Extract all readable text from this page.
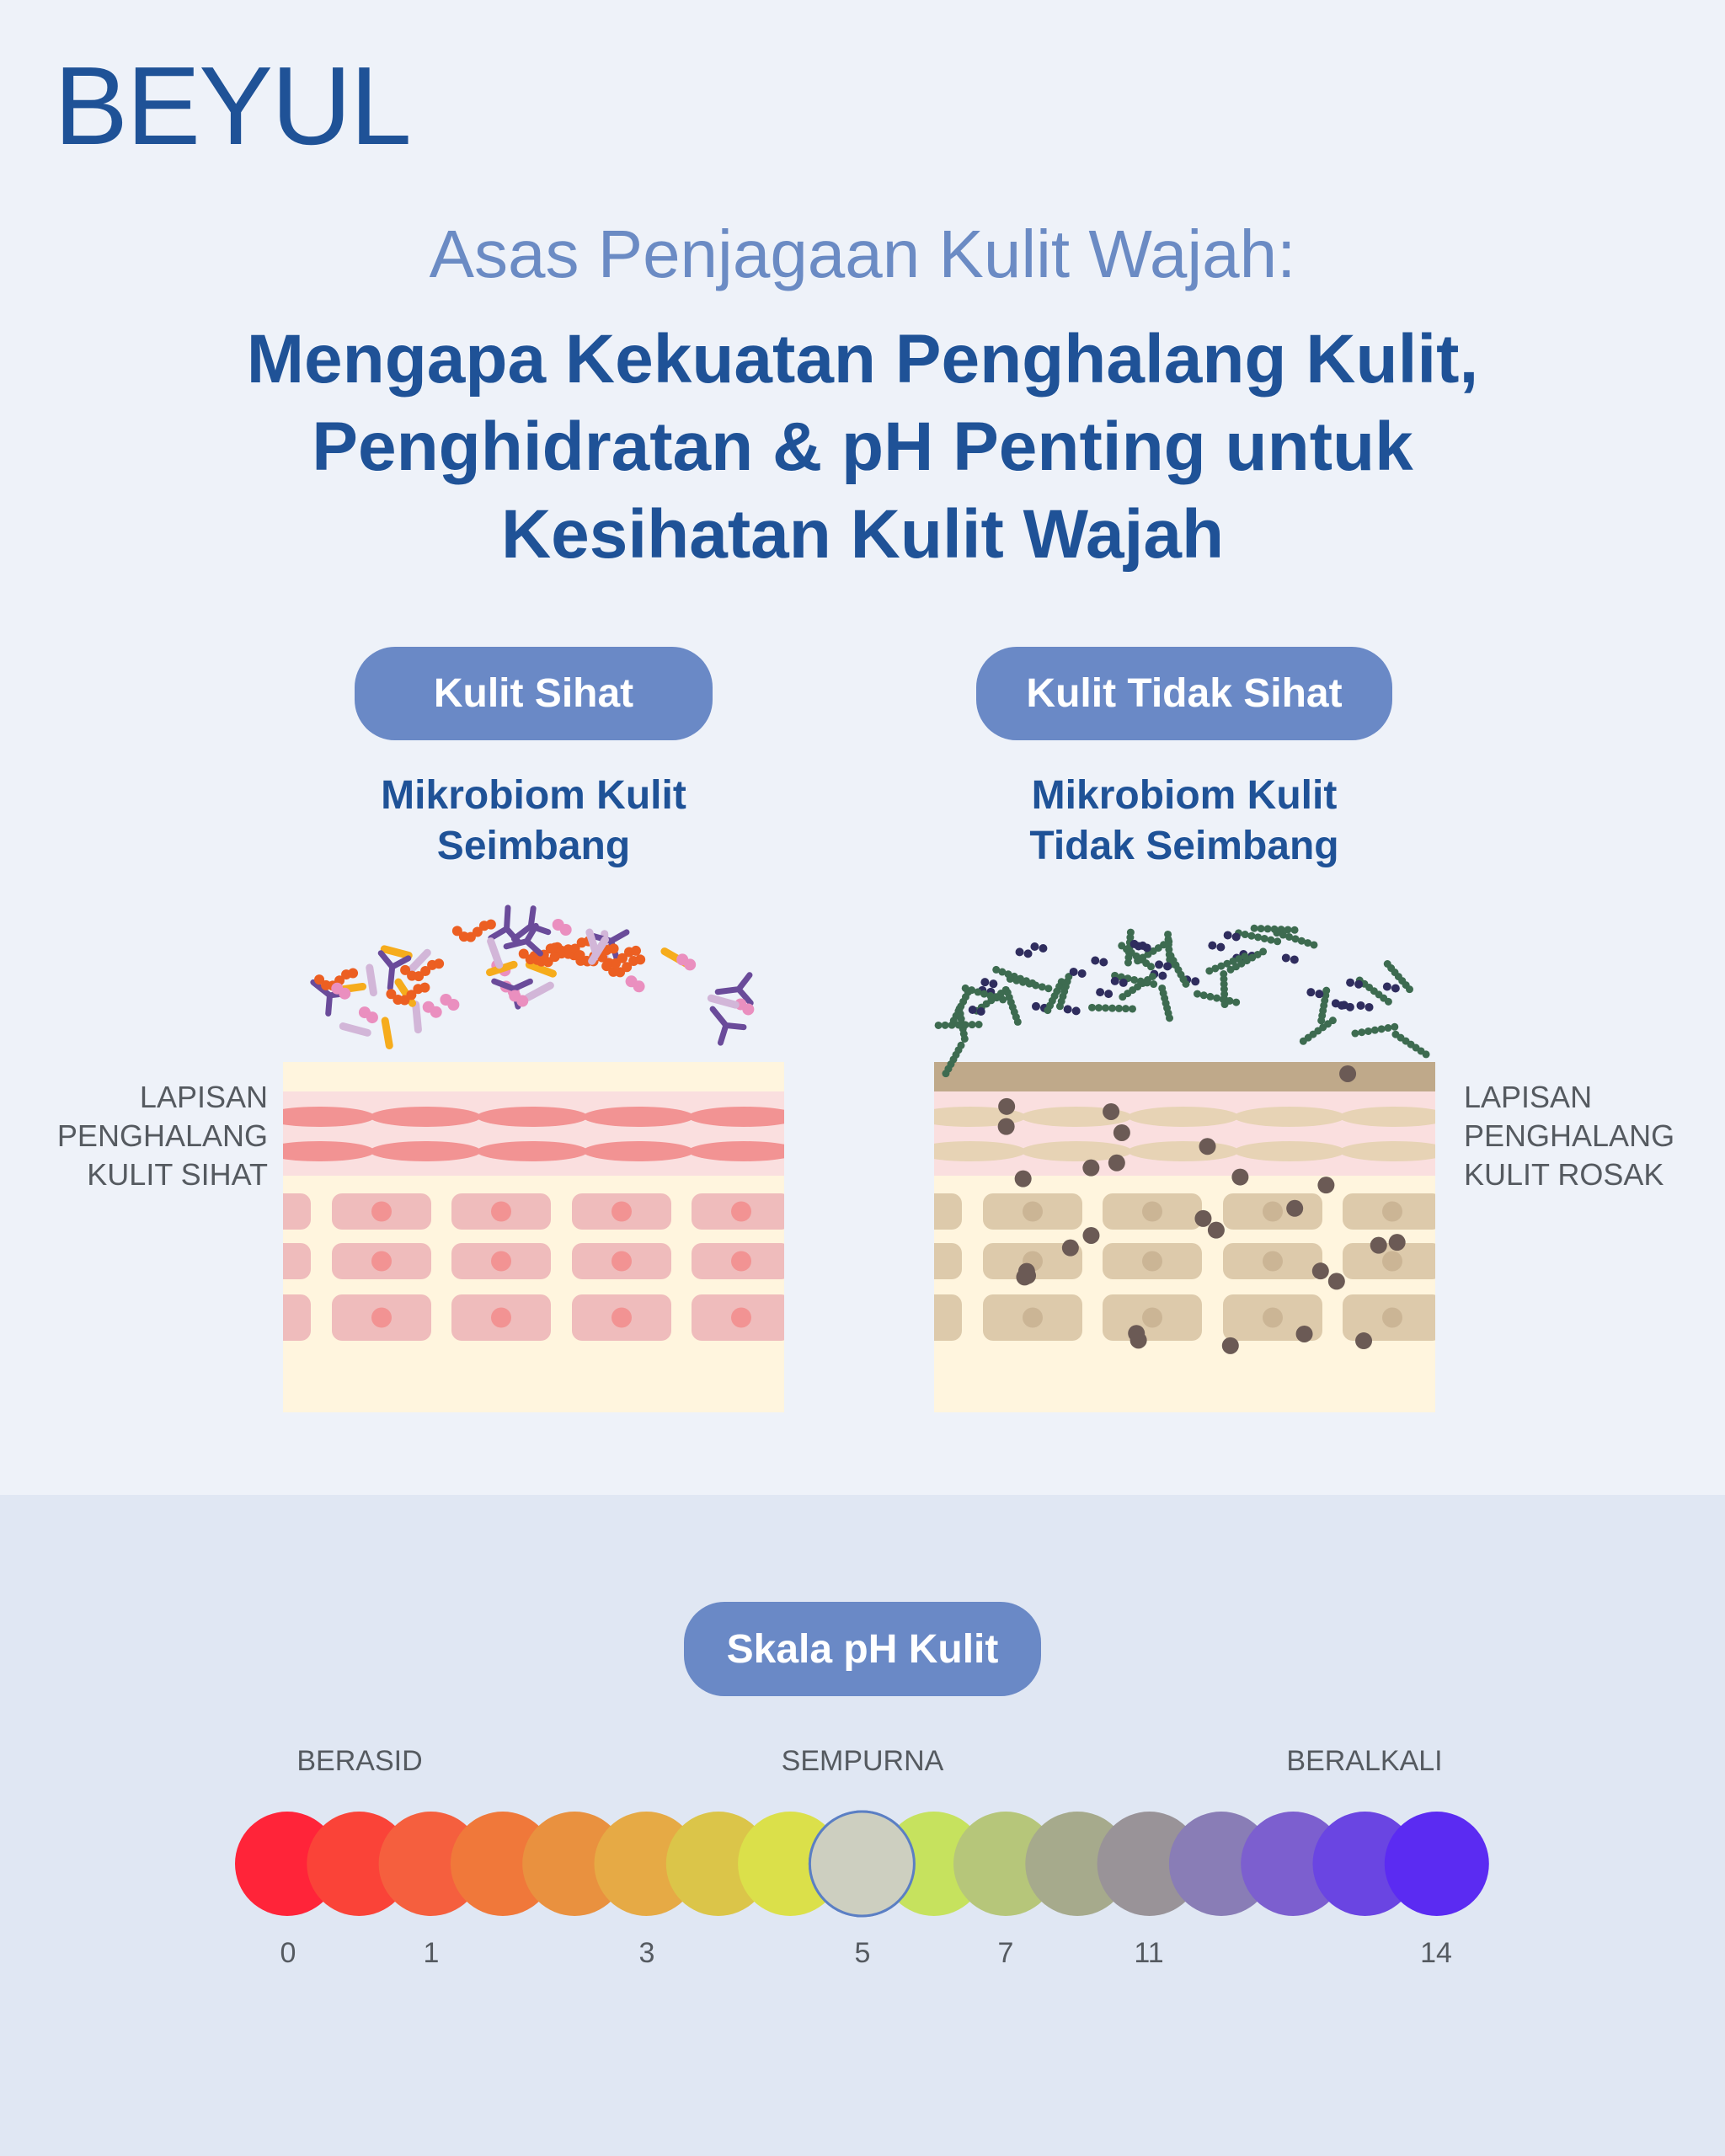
BEYUL
Asas Penjagaan Kulit Wajah:
Mengapa Kekuatan Penghalang Kulit,
Penghidratan & pH Penting untuk
Kesihatan Kulit Wajah
Kulit Sihat	Kulit Tidak Sihat
Mikrobiom Kulit
Seimbang
Mikrobiom Kulit
Tidak Seimbang
LAPISAN
PENGHALANG
KULIT SIHAT
LAPISAN
PENGHALANG
KULIT ROSAK
Skala pH Kulit
BERASID	SEMPURNA	BERALKALI
0	1	3	5	7	11	14
